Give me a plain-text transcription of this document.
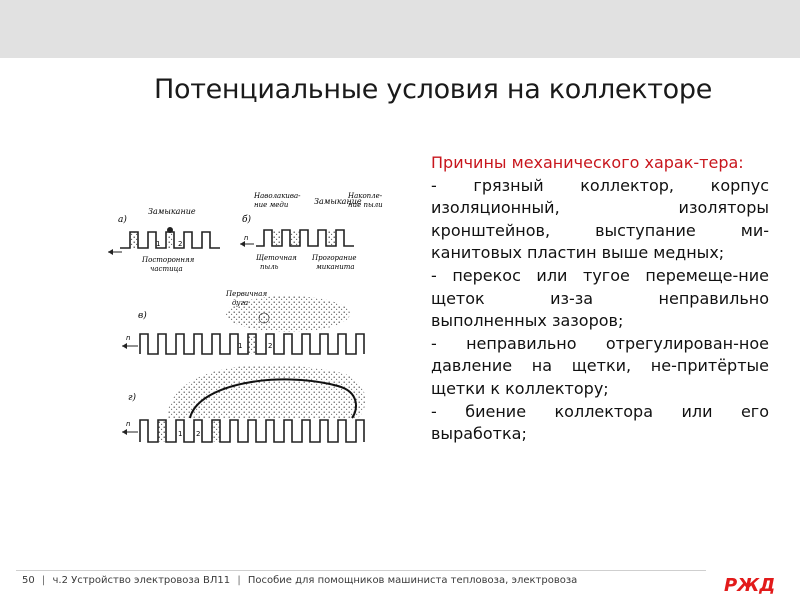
Потенциальные условия на коллекторе
а)
Замыкание
1	2
Посторонняя
частица
б)
Наволакива-
ние меди	Замыкание
Накопле-
ние пыли
n
Щеточная
пыль
Прогорание
миканита
в)
Первичная
дуга
n
1	2
г)
n
1 2

Причины механического харак-тера:

- грязный коллектор, корпус изоляционный, изоляторы кронштейнов, выступание ми-канитовых пластин выше медных;

- перекос или тугое перемеще-ние щеток из-за неправильно выполненных зазоров;

- неправильно отрегулирован-ное давление на щетки, не-притёртые щетки к коллектору;

- биение коллектора или его выработка;

50 | ч.2 Устройство электровоза ВЛ11 | Пособие для помощников машиниста тепловоза, электровоза	РЖД
